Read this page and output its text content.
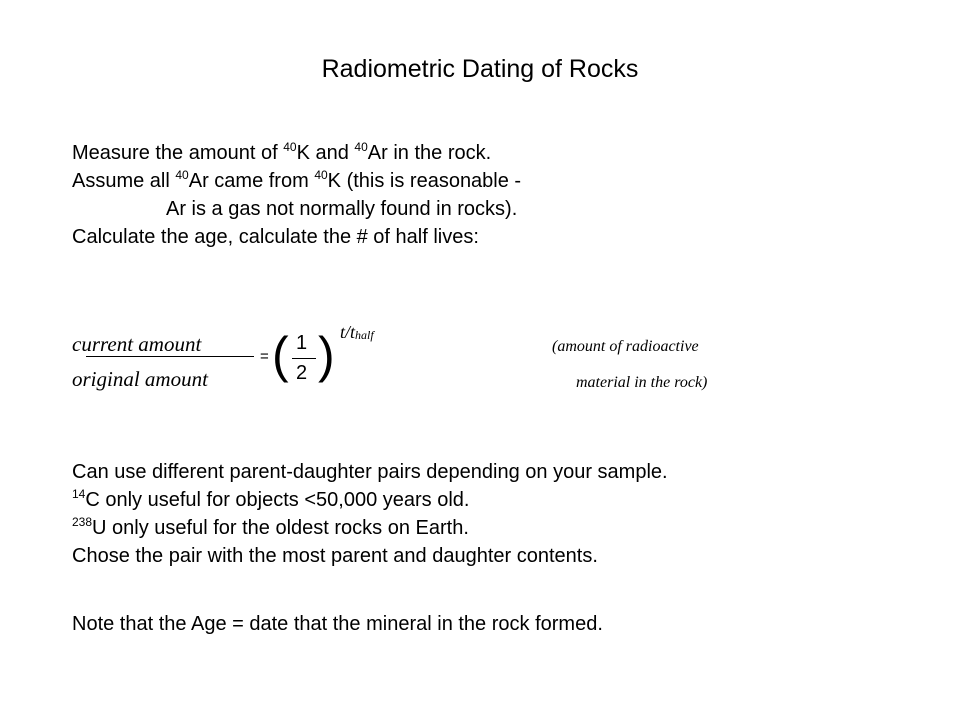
Radiometric Dating of Rocks
Measure the amount of $^{40}$K and $^{40}$Ar in the rock.
Assume all $^{40}$Ar came from $^{40}$K (this is reasonable -
Ar is a gas not normally found in rocks).
Calculate the age, calculate the # of half lives:
current amount
original amount
= ( 1
2 ) $t/t_{half}$
(amount of radioactive
material in the rock)
Can use different parent-daughter pairs depending on your sample.
$^{14}$C only useful for objects <50,000 years old.
$^{238}$U only useful for the oldest rocks on Earth.
Chose the pair with the most parent and daughter contents.
Note that the Age = date that the mineral in the rock formed.
